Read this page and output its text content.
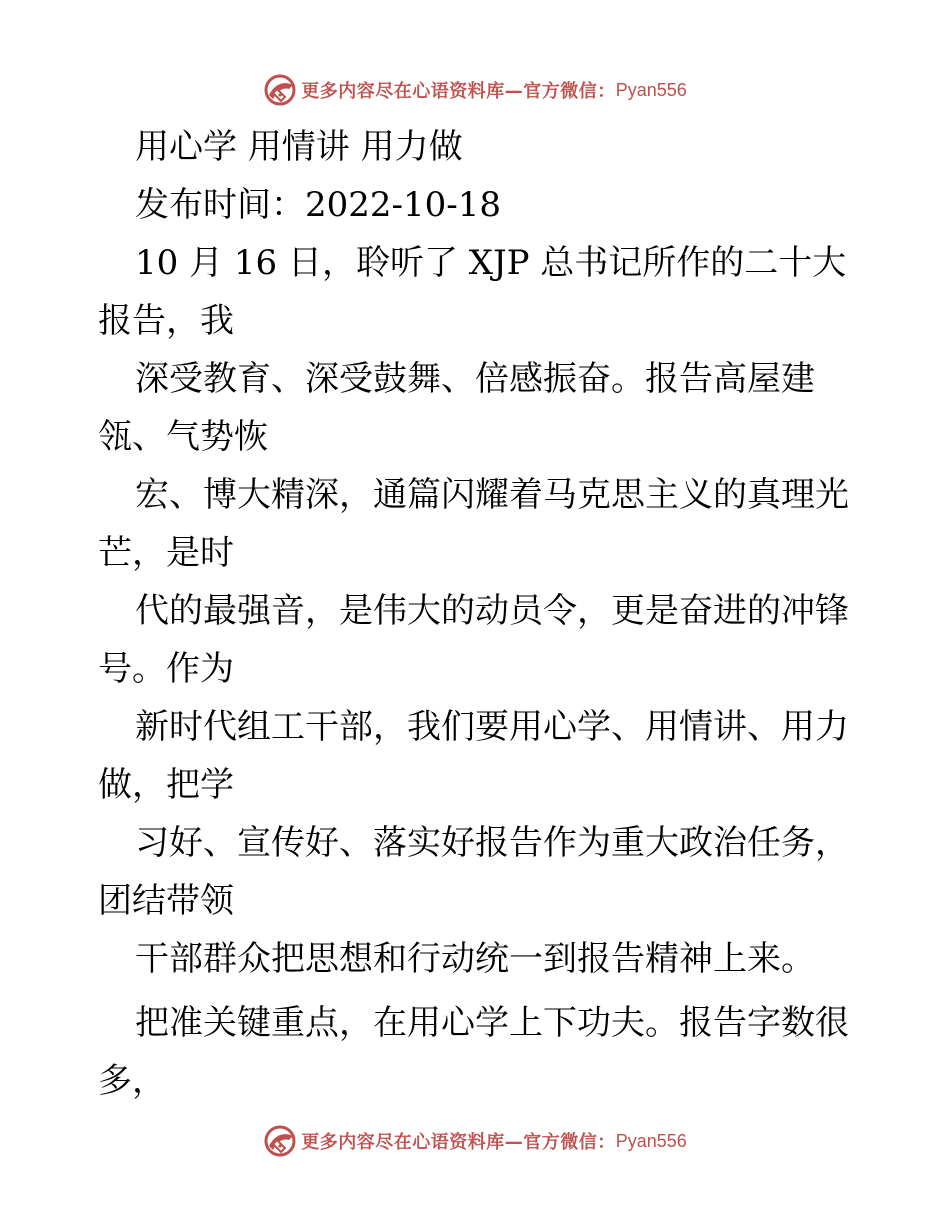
更多内容尽在心语资料库—官方微信： Pyan556
用心学 用情讲 用力做
发布时间：2022-10-18
10 月 16 日，聆听了 XJP 总书记所作的二十大
报告，我
深受教育、深受鼓舞、倍感振奋。报告高屋建
瓴、气势恢
宏、博大精深，通篇闪耀着马克思主义的真理光
芒，是时
代的最强音，是伟大的动员令，更是奋进的冲锋
号。作为
新时代组工干部，我们要用心学、用情讲、用力
做，把学
习好、宣传好、落实好报告作为重大政治任务，
团结带领
干部群众把思想和行动统一到报告精神上来。
把准关键重点，在用心学上下功夫。报告字数很
多，
更多内容尽在心语资料库—官方微信： Pyan556
